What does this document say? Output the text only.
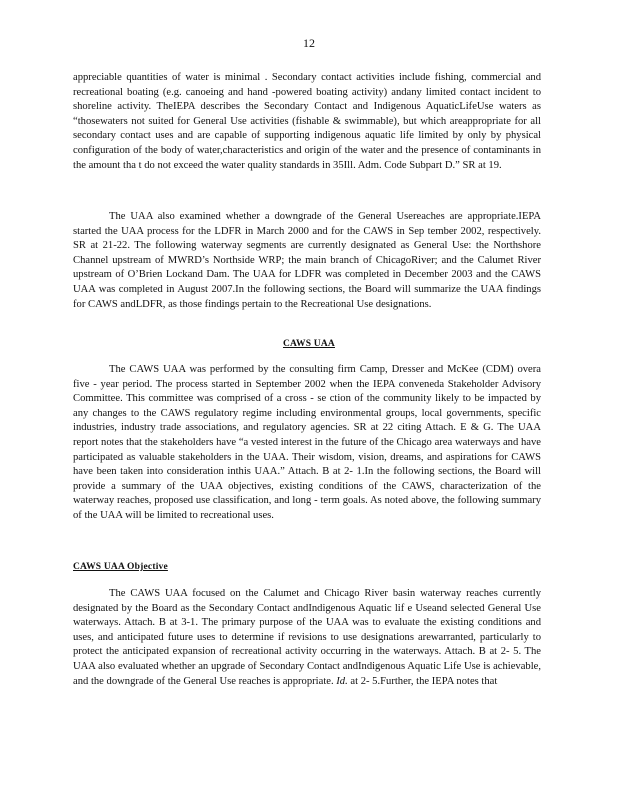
12

appreciable quantities of water is minimal . Secondary contact activities include fishing, commercial and recreational boating (e.g. canoeing and hand -powered boating activity) andany limited contact incident to shoreline activity. TheIEPA describes the Secondary Contact and Indigenous AquaticLifeUse waters as “thosewaters not suited for General Use activities (fishable & swimmable), but which areappropriate for all secondary contact uses and are capable of supporting indigenous aquatic life limited by only by physical configuration of the body of water,characteristics and origin of the water and the presence of contaminants in the amount tha t do not exceed the water quality standards in 35Ill. Adm. Code Subpart D.” SR at 19.

The UAA also examined whether a downgrade of the General Usereaches are appropriate.IEPA started the UAA process for the LDFR in March 2000 and for the CAWS in Sep tember 2002, respectively. SR at 21-22. The following waterway segments are currently designated as General Use: the Northshore Channel upstream of MWRD’s Northside WRP; the main branch of ChicagoRiver; and the Calumet River upstream of O’Brien Lockand Dam. The UAA for LDFR was completed in December 2003 and the CAWS UAA was completed in August 2007.In the following sections, the Board will summarize the UAA findings for CAWS andLDFR, as those findings pertain to the Recreational Use designations.

CAWS UAA

The CAWS UAA was performed by the consulting firm Camp, Dresser and McKee (CDM) overa five - year period. The process started in September 2002 when the IEPA conveneda Stakeholder Advisory Committee. This committee was comprised of a cross - se ction of the community likely to be impacted by any changes to the CAWS regulatory regime including environmental groups, local governments, specific industries, industry trade associations, and regulatory agencies. SR at 22 citing Attach. E & G. The UAA report notes that the stakeholders have “a vested interest in the future of the Chicago area waterways and have participated as valuable stakeholders in the UAA. Their wisdom, vision, dreams, and aspirations for CAWS have been taken into consideration inthis UAA.” Attach. B at 2- 1.In the following sections, the Board will provide a summary of the UAA objectives, existing conditions of the CAWS, characterization of the waterway reaches, proposed use classification, and long - term goals. As noted above, the following summary of the UAA will be limited to recreational uses.

CAWS UAA Objective

The CAWS UAA focused on the Calumet and Chicago River basin waterway reaches currently designated by the Board as the Secondary Contact andIndigenous Aquatic lif e Useand selected General Use waterways. Attach. B at 3-1. The primary purpose of the UAA was to evaluate the existing conditions and uses, and anticipated future uses to determine if revisions to use designations arewarranted, particularly to protect the anticipated expansion of recreational activity occurring in the waterways. Attach. B at 2- 5. The UAA also evaluated whether an upgrade of Secondary Contact andIndigenous Aquatic Life Use is achievable, and the downgrade of the General Use reaches is appropriate. Id. at 2- 5.Further, the IEPA notes that
